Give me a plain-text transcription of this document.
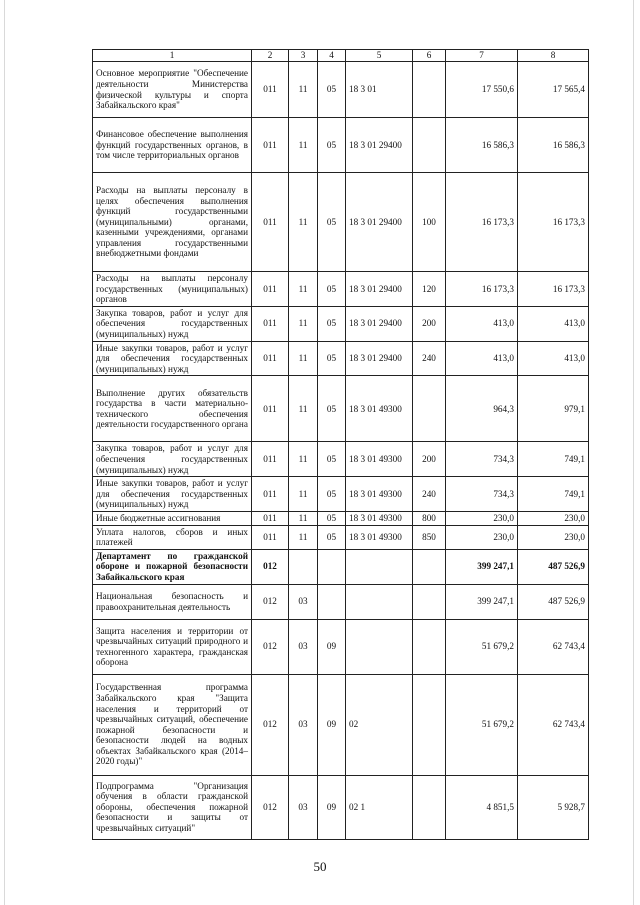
1	2	3	4	5	6	7	8
Основное мероприятие "Обеспечение деятельности Министерства физической культуры и спорта Забайкальского края"	011	11	05	18 3 01		17 550,6	17 565,4
Финансовое обеспечение выполнения функций государственных органов, в том числе территориальных органов	011	11	05	18 3 01 29400		16 586,3	16 586,3
Расходы на выплаты персоналу в целях обеспечения выполнения функций государственными (муниципальными) органами, казенными учреждениями, органами управления государственными внебюджетными фондами	011	11	05	18 3 01 29400	100	16 173,3	16 173,3
Расходы на выплаты персоналу государственных (муниципальных) органов	011	11	05	18 3 01 29400	120	16 173,3	16 173,3
Закупка товаров, работ и услуг для обеспечения государственных (муниципальных) нужд	011	11	05	18 3 01 29400	200	413,0	413,0
Иные закупки товаров, работ и услуг для обеспечения государственных (муниципальных) нужд	011	11	05	18 3 01 29400	240	413,0	413,0
Выполнение других обязательств государства в части материально-технического обеспечения деятельности государственного органа	011	11	05	18 3 01 49300		964,3	979,1
Закупка товаров, работ и услуг для обеспечения государственных (муниципальных) нужд	011	11	05	18 3 01 49300	200	734,3	749,1
Иные закупки товаров, работ и услуг для обеспечения государственных (муниципальных) нужд	011	11	05	18 3 01 49300	240	734,3	749,1
Иные бюджетные ассигнования	011	11	05	18 3 01 49300	800	230,0	230,0
Уплата налогов, сборов и иных платежей	011	11	05	18 3 01 49300	850	230,0	230,0
Департамент по гражданской обороне и пожарной безопасности Забайкальского края	012					399 247,1	487 526,9
Национальная безопасность и правоохранительная деятельность	012	03				399 247,1	487 526,9
Защита населения и территории от чрезвычайных ситуаций природного и техногенного характера, гражданская оборона	012	03	09			51 679,2	62 743,4
Государственная программа Забайкальского края "Защита населения и территорий от чрезвычайных ситуаций, обеспечение пожарной безопасности и безопасности людей на водных объектах Забайкальского края (2014–2020 годы)"	012	03	09	02		51 679,2	62 743,4
Подпрограмма "Организация обучения в области гражданской обороны, обеспечения пожарной безопасности и защиты от чрезвычайных ситуаций"	012	03	09	02 1		4 851,5	5 928,7
50
